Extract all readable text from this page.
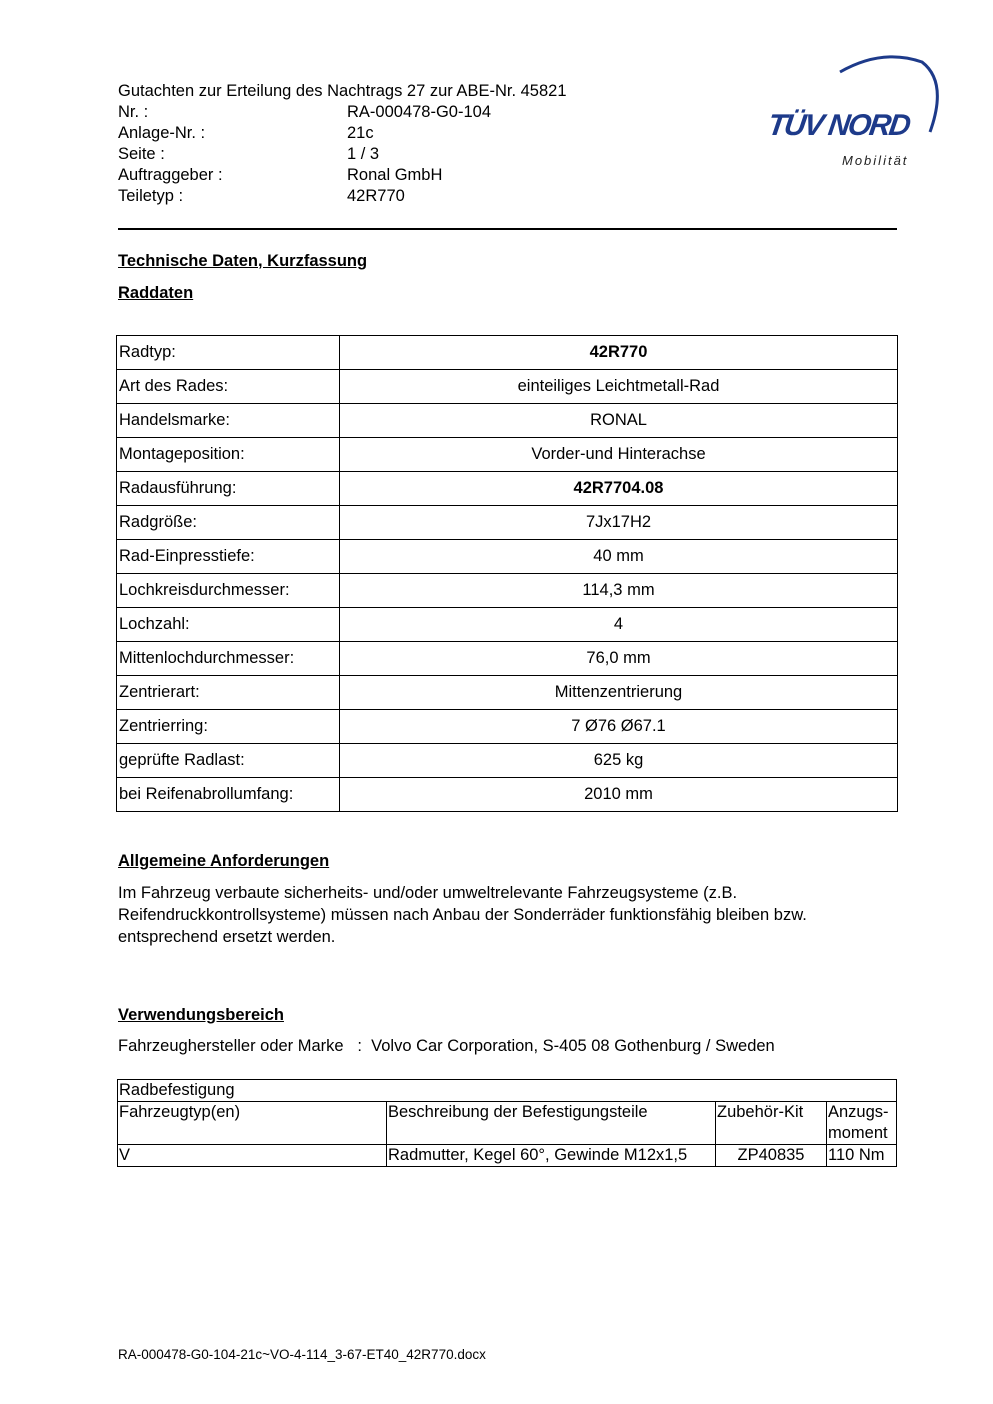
Gutachten zur Erteilung des Nachtrags 27 zur ABE-Nr. 45821
Nr. :	RA-000478-G0-104
Anlage-Nr. :	21c
Seite :	1 / 3
Auftraggeber :	Ronal GmbH
Teiletyp :	42R770
TÜV NORD
Mobilität
Technische Daten, Kurzfassung
Raddaten
Radtyp:	42R770
Art des Rades:	einteiliges Leichtmetall-Rad
Handelsmarke:	RONAL
Montageposition:	Vorder-und Hinterachse
Radausführung:	42R7704.08
Radgröße:	7Jx17H2
Rad-Einpresstiefe:	40 mm
Lochkreisdurchmesser:	114,3 mm
Lochzahl:	4
Mittenlochdurchmesser:	76,0 mm
Zentrierart:	Mittenzentrierung
Zentrierring:	7 Ø76 Ø67.1
geprüfte Radlast:	625 kg
bei Reifenabrollumfang:	2010 mm
Allgemeine Anforderungen
Im Fahrzeug verbaute sicherheits- und/oder umweltrelevante Fahrzeugsysteme (z.B. Reifendruckkontrollsysteme) müssen nach Anbau der Sonderräder funktionsfähig bleiben bzw. entsprechend ersetzt werden.
Verwendungsbereich
Fahrzeughersteller oder Marke : Volvo Car Corporation, S-405 08 Gothenburg / Sweden
Radbefestigung			
Fahrzeugtyp(en)	Beschreibung der Befestigungsteile	Zubehör-Kit	Anzugs-moment
V	Radmutter, Kegel 60°, Gewinde M12x1,5	ZP40835	110 Nm
RA-000478-G0-104-21c~VO-4-114_3-67-ET40_42R770.docx
